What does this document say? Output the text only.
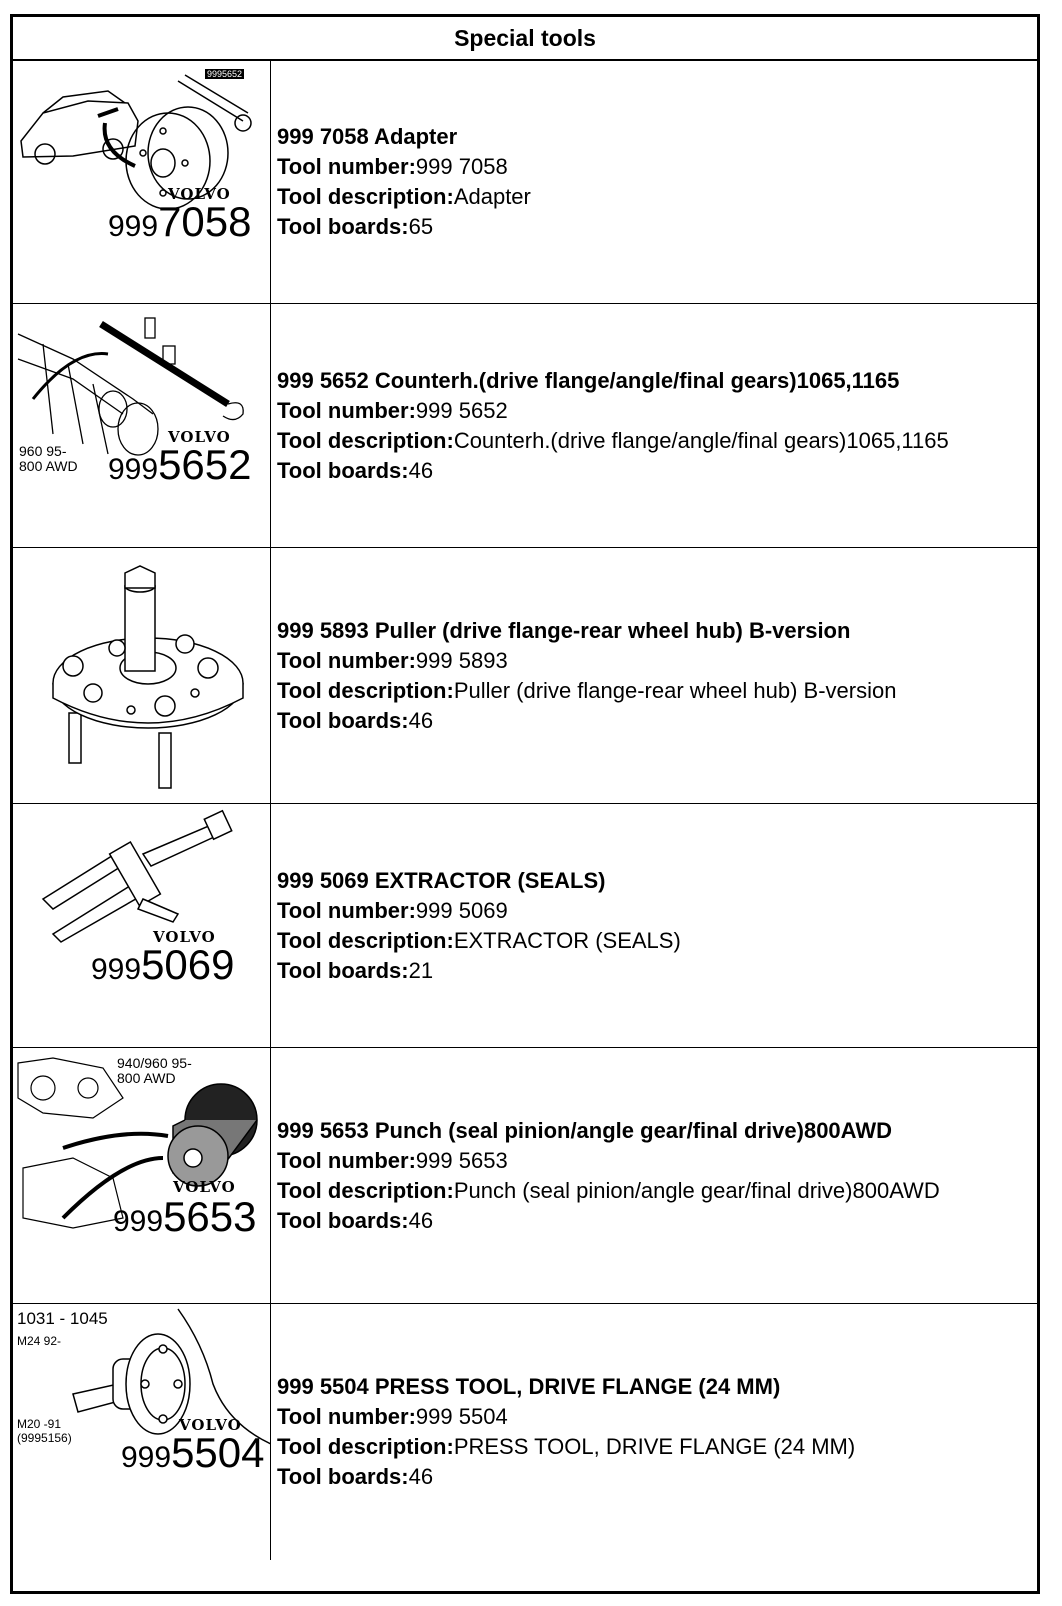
Special tools
9995652
VOLVO
9997058
999 7058 Adapter
Tool number:999 7058
Tool description:Adapter
Tool boards:65
960 95-
800 AWD
VOLVO
9995652
999 5652 Counterh.(drive flange/angle/final gears)1065,1165
Tool number:999 5652
Tool description:Counterh.(drive flange/angle/final gears)1065,1165
Tool boards:46
999 5893 Puller (drive flange-rear wheel hub) B-version
Tool number:999 5893
Tool description:Puller (drive flange-rear wheel hub) B-version
Tool boards:46
VOLVO
9995069
999 5069 EXTRACTOR (SEALS)
Tool number:999 5069
Tool description:EXTRACTOR (SEALS)
Tool boards:21
940/960 95-
800 AWD
VOLVO
9995653
999 5653 Punch (seal pinion/angle gear/final drive)800AWD
Tool number:999 5653
Tool description:Punch (seal pinion/angle gear/final drive)800AWD
Tool boards:46
1031 - 1045
M24 92-
M20 -91
(9995156)
VOLVO
9995504
999 5504 PRESS TOOL, DRIVE FLANGE (24 MM)
Tool number:999 5504
Tool description:PRESS TOOL, DRIVE FLANGE (24 MM)
Tool boards:46
